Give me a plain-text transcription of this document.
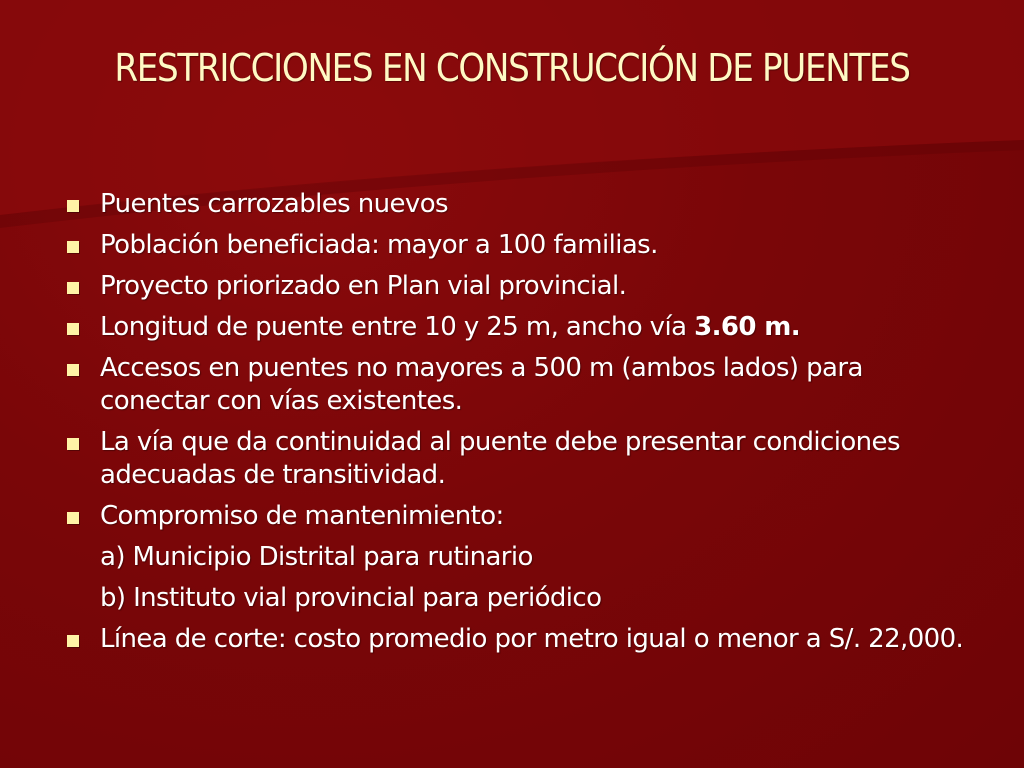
RESTRICCIONES EN CONSTRUCCIÓN DE PUENTES
Puentes carrozables nuevos
Población beneficiada: mayor a 100 familias.
Proyecto priorizado en Plan vial provincial.
Longitud de puente entre 10 y 25 m, ancho vía 3.60 m.
Accesos en puentes no mayores a 500 m (ambos lados) para conectar con vías existentes.
La vía que da continuidad al puente debe presentar condiciones adecuadas de transitividad.
Compromiso de mantenimiento:
a) Municipio Distrital para rutinario
b) Instituto vial provincial para periódico
Línea de corte: costo promedio por metro igual o menor a S/. 22,000.
